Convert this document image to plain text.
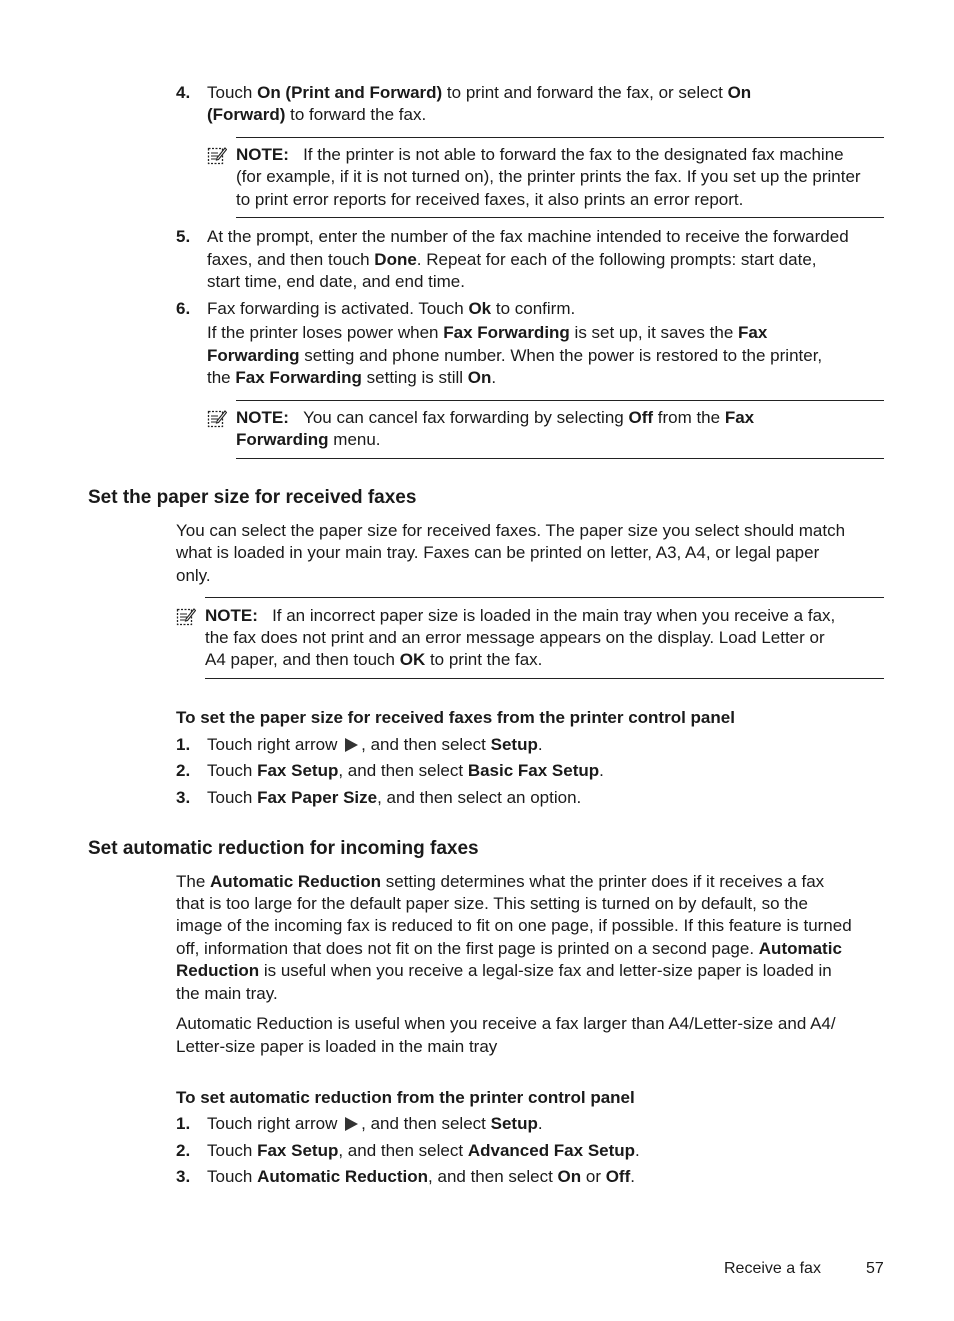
4. Touch On (Print and Forward) to print and forward the fax, or select On
(Forward) to forward the fax.
NOTE: If the printer is not able to forward the fax to the designated fax machine
(for example, if it is not turned on), the printer prints the fax. If you set up the printer
to print error reports for received faxes, it also prints an error report.
5. At the prompt, enter the number of the fax machine intended to receive the forwarded
faxes, and then touch Done. Repeat for each of the following prompts: start date,
start time, end date, and end time.
6. Fax forwarding is activated. Touch Ok to confirm.
If the printer loses power when Fax Forwarding is set up, it saves the Fax
Forwarding setting and phone number. When the power is restored to the printer,
the Fax Forwarding setting is still On.
NOTE: You can cancel fax forwarding by selecting Off from the Fax
Forwarding menu.
Set the paper size for received faxes
You can select the paper size for received faxes. The paper size you select should match
what is loaded in your main tray. Faxes can be printed on letter, A3, A4, or legal paper
only.
NOTE: If an incorrect paper size is loaded in the main tray when you receive a fax,
the fax does not print and an error message appears on the display. Load Letter or
A4 paper, and then touch OK to print the fax.
To set the paper size for received faxes from the printer control panel
1. Touch right arrow , and then select Setup.
2. Touch Fax Setup, and then select Basic Fax Setup.
3. Touch Fax Paper Size, and then select an option.
Set automatic reduction for incoming faxes
The Automatic Reduction setting determines what the printer does if it receives a fax
that is too large for the default paper size. This setting is turned on by default, so the
image of the incoming fax is reduced to fit on one page, if possible. If this feature is turned
off, information that does not fit on the first page is printed on a second page. Automatic
Reduction is useful when you receive a legal-size fax and letter-size paper is loaded in
the main tray.
Automatic Reduction is useful when you receive a fax larger than A4/Letter-size and A4/
Letter-size paper is loaded in the main tray
To set automatic reduction from the printer control panel
1. Touch right arrow , and then select Setup.
2. Touch Fax Setup, and then select Advanced Fax Setup.
3. Touch Automatic Reduction, and then select On or Off.
Receive a fax	57
